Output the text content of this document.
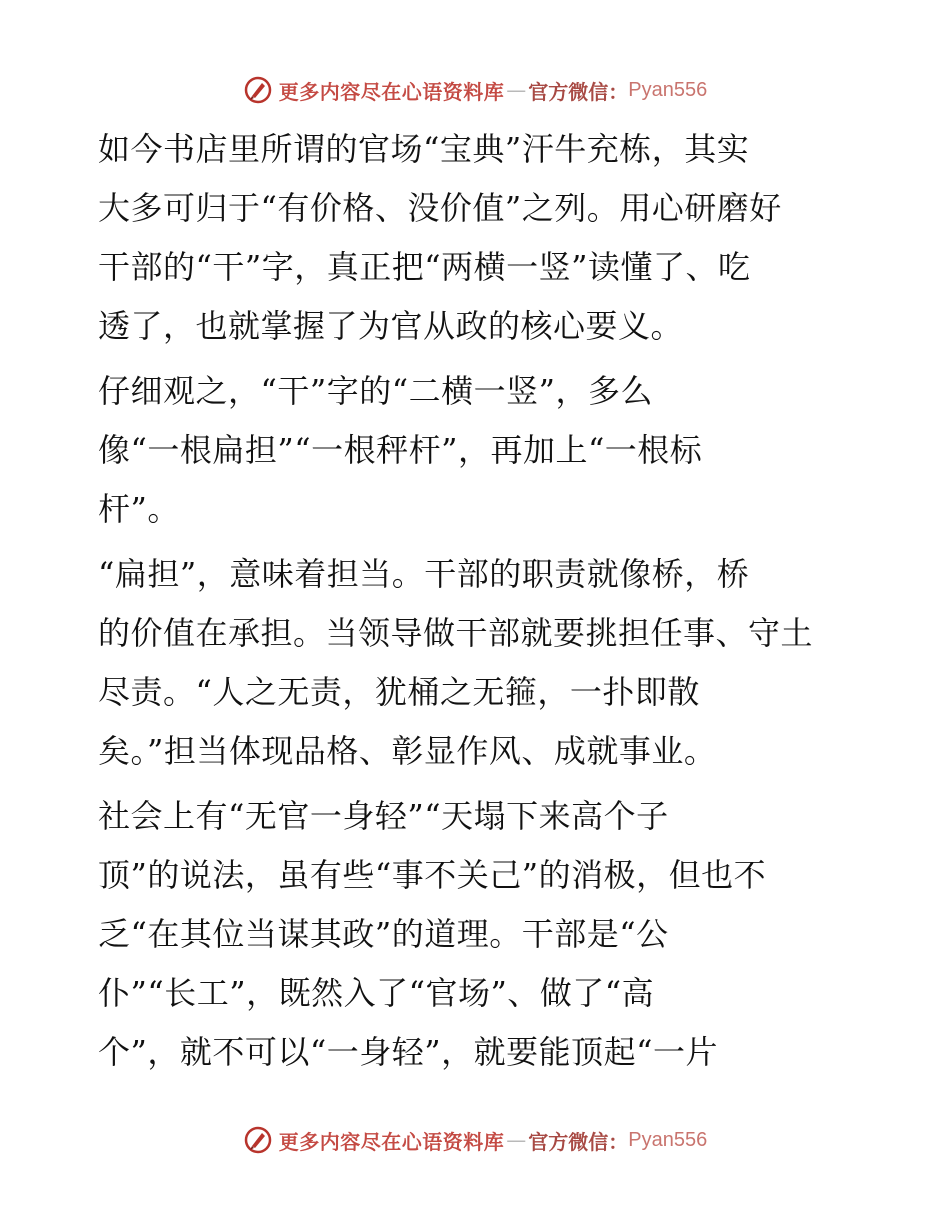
更多内容尽在心语资料库 — 官方微信： Pyan556
如今书店里所谓的官场“宝典”汗牛充栋，其实
大多可归于“有价格、没价值”之列。用心研磨好
干部的“干”字，真正把“两横一竖”读懂了、吃
透了，也就掌握了为官从政的核心要义。
仔细观之，“干”字的“二横一竖”，多么
像“一根扁担”“一根秤杆”，再加上“一根标
杆”。
“扁担”，意味着担当。干部的职责就像桥，桥
的价值在承担。当领导做干部就要挑担任事、守土
尽责。“人之无责，犹桶之无箍，一扑即散
矣。”担当体现品格、彰显作风、成就事业。
社会上有“无官一身轻”“天塌下来高个子
顶”的说法，虽有些“事不关己”的消极，但也不
乏“在其位当谋其政”的道理。干部是“公
仆”“长工”，既然入了“官场”、做了“高
个”，就不可以“一身轻”，就要能顶起“一片
更多内容尽在心语资料库 — 官方微信： Pyan556
